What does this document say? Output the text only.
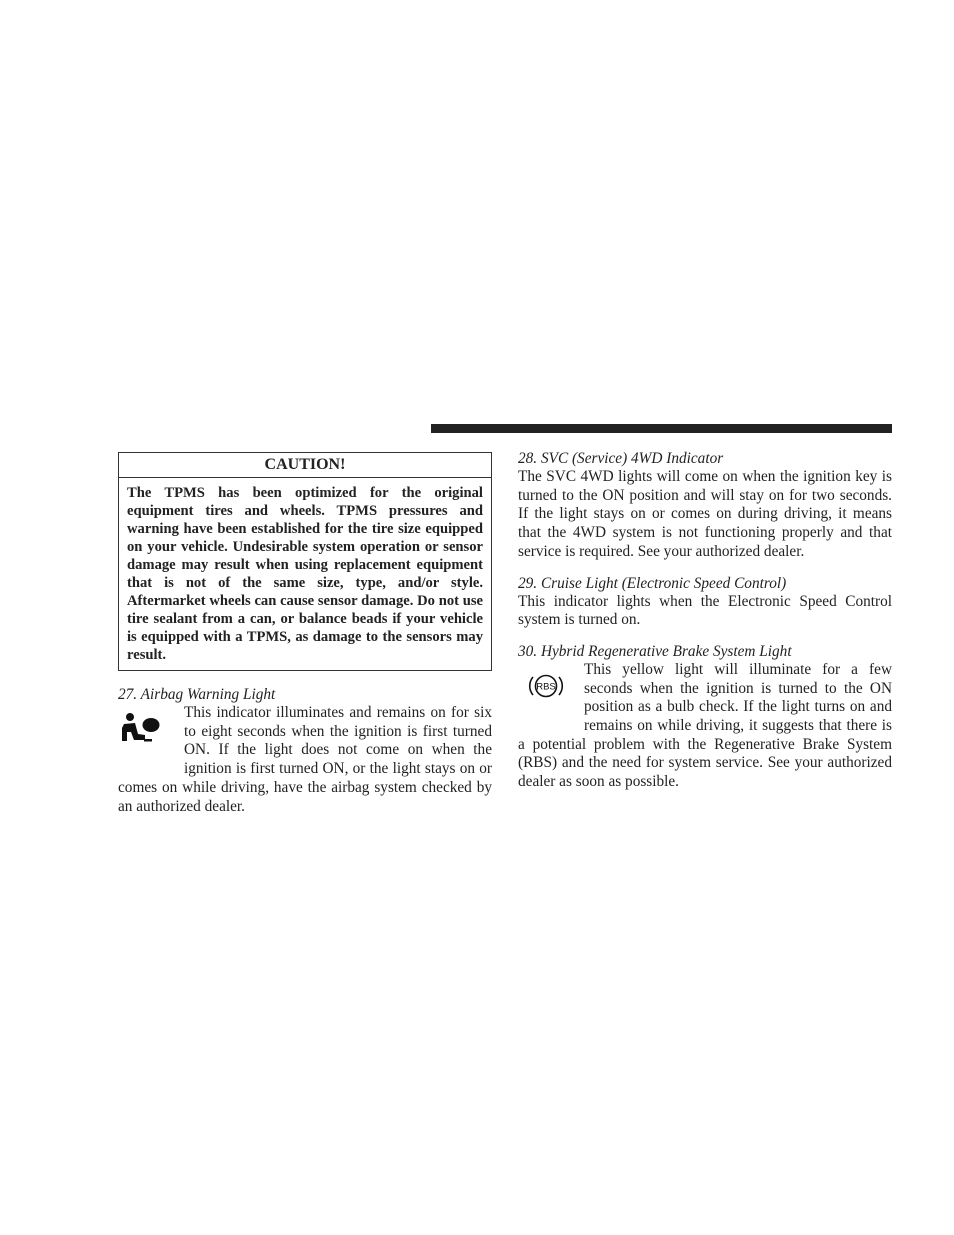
CAUTION!
The TPMS has been optimized for the original equipment tires and wheels. TPMS pressures and warning have been established for the tire size equipped on your vehicle. Undesirable system operation or sensor damage may result when using replacement equipment that is not of the same size, type, and/or style. Aftermarket wheels can cause sensor damage. Do not use tire sealant from a can, or balance beads if your vehicle is equipped with a TPMS, as damage to the sensors may result.

27. Airbag Warning Light

This indicator illuminates and remains on for six to eight seconds when the ignition is first turned ON. If the light does not come on when the ignition is first turned ON, or the light stays on or comes on while driving, have the airbag system checked by an authorized dealer.

28. SVC (Service) 4WD Indicator

The SVC 4WD lights will come on when the ignition key is turned to the ON position and will stay on for two seconds. If the light stays on or comes on during driving, it means that the 4WD system is not functioning properly and that service is required. See your authorized dealer.

29. Cruise Light (Electronic Speed Control)

This indicator lights when the Electronic Speed Control system is turned on.

30. Hybrid Regenerative Brake System Light

RBS

This yellow light will illuminate for a few seconds when the ignition is turned to the ON position as a bulb check. If the light turns on and remains on while driving, it suggests that there is a potential problem with the Regenerative Brake System (RBS) and the need for system service. See your authorized dealer as soon as possible.
